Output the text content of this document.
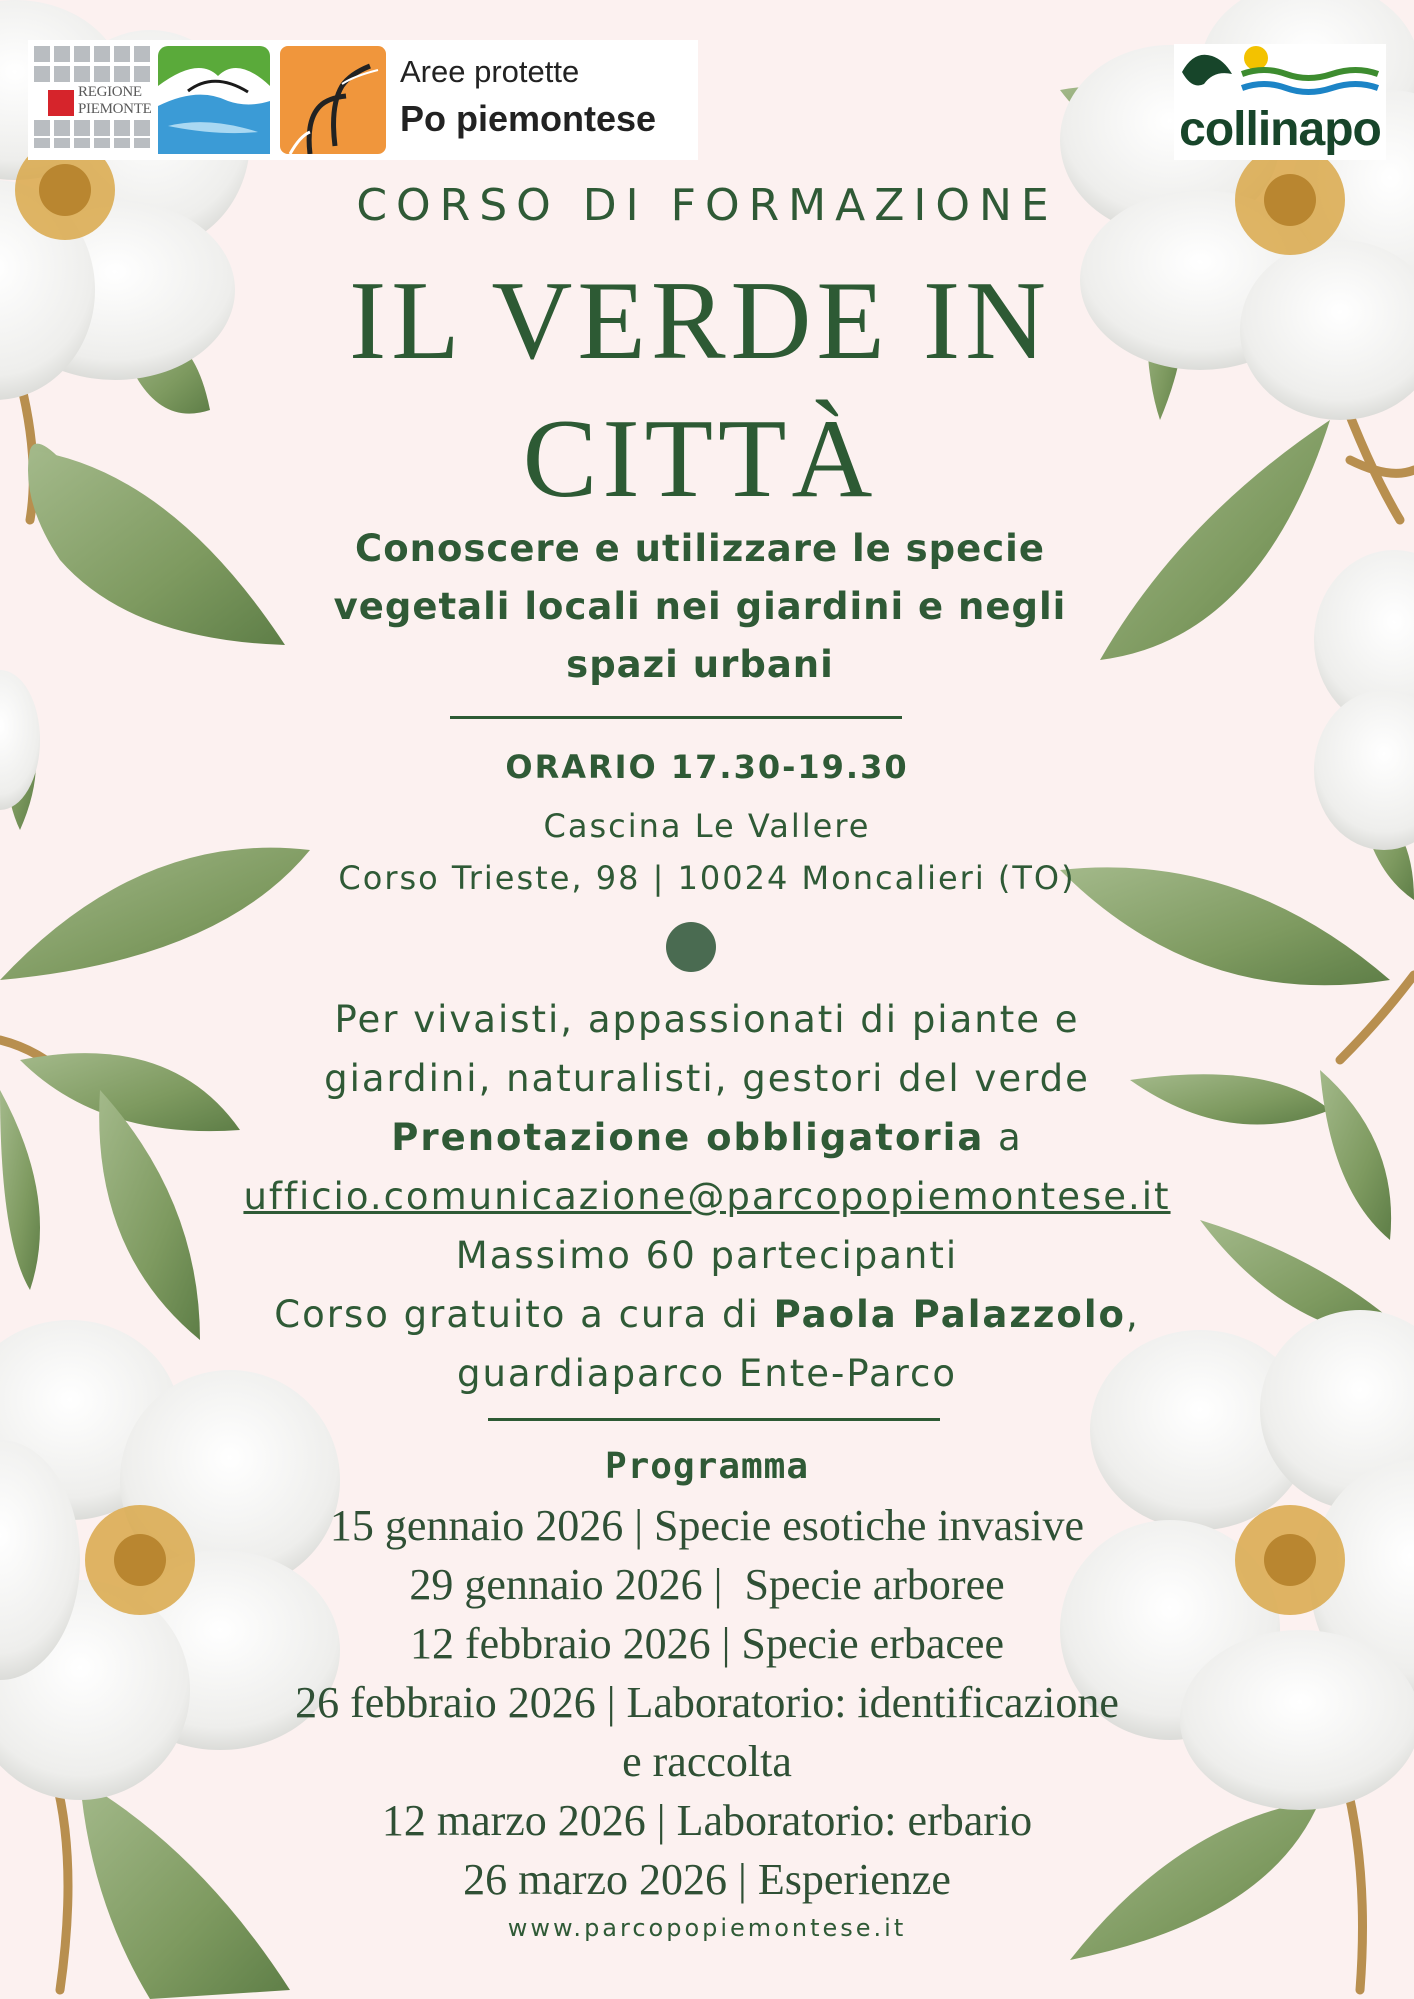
REGIONE
PIEMONTE
Aree protette
Po piemontese	collinapo
CORSO DI FORMAZIONE
IL VERDE IN
CITTÀ
Conoscere e utilizzare le specie vegetali locali nei giardini e negli spazi urbani
ORARIO 17.30-19.30
Cascina Le Vallere
Corso Trieste, 98 | 10024 Moncalieri (TO)
Per vivaisti, appassionati di piante e
giardini, naturalisti, gestori del verde
Prenotazione obbligatoria a
ufficio.comunicazione@parcopopiemontese.it
Massimo 60 partecipanti
Corso gratuito a cura di Paola Palazzolo,
guardiaparco Ente-Parco
Programma
15 gennaio 2026 | Specie esotiche invasive
29 gennaio 2026 |  Specie arboree
12 febbraio 2026 | Specie erbacee
26 febbraio 2026 | Laboratorio: identificazione
e raccolta
12 marzo 2026 | Laboratorio: erbario
26 marzo 2026 | Esperienze
www.parcopopiemontese.it
